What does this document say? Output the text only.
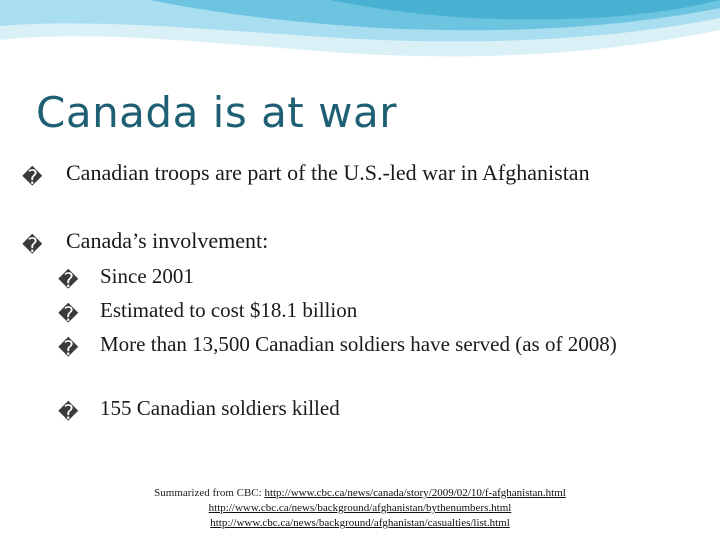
Canada is at war
� Canadian troops are part of the U.S.-led war in Afghanistan
� Canada’s involvement:
� Since 2001
� Estimated to cost $18.1 billion
� More than 13,500 Canadian soldiers have served (as of 2008)
� 155 Canadian soldiers killed
Summarized from CBC: http://www.cbc.ca/news/canada/story/2009/02/10/f-afghanistan.html
http://www.cbc.ca/news/background/afghanistan/bythenumbers.html
http://www.cbc.ca/news/background/afghanistan/casualties/list.html
